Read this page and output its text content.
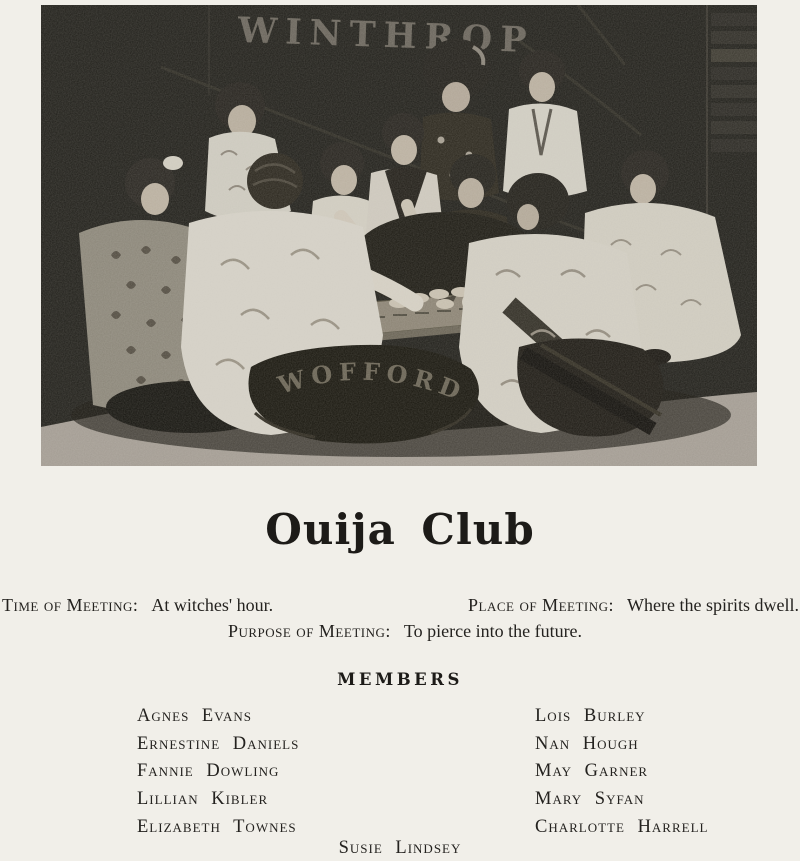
Ouija Club
Time of Meeting: At witches' hour.	Place of Meeting: Where the spirits dwell.
Purpose of Meeting: To pierce into the future.
MEMBERS
Agnes Evans
Ernestine Daniels
Fannie Dowling
Lillian Kibler
Elizabeth Townes
Lois Burley
Nan Hough
May Garner
Mary Syfan
Charlotte Harrell
Susie Lindsey
